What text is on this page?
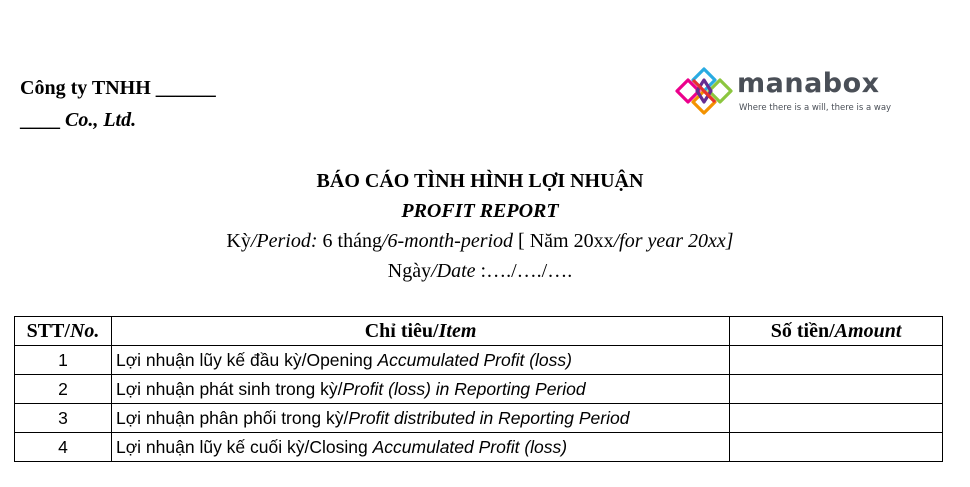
Công ty TNHH ______
____ Co., Ltd.
manabox
Where there is a will, there is a way
BÁO CÁO TÌNH HÌNH LỢI NHUẬN
PROFIT REPORT
Kỳ/Period: 6 tháng/6-month-period [ Năm 20xx/for year 20xx]
Ngày/Date :…./…./….
STT/No.	Chỉ tiêu/Item	Số tiền/Amount
1	Lợi nhuận lũy kế đầu kỳ/Opening Accumulated Profit (loss)	
2	Lợi nhuận phát sinh trong kỳ/Profit (loss) in Reporting Period	
3	Lợi nhuận phân phối trong kỳ/Profit distributed in Reporting Period	
4	Lợi nhuận lũy kế cuối kỳ/Closing Accumulated Profit (loss)	
